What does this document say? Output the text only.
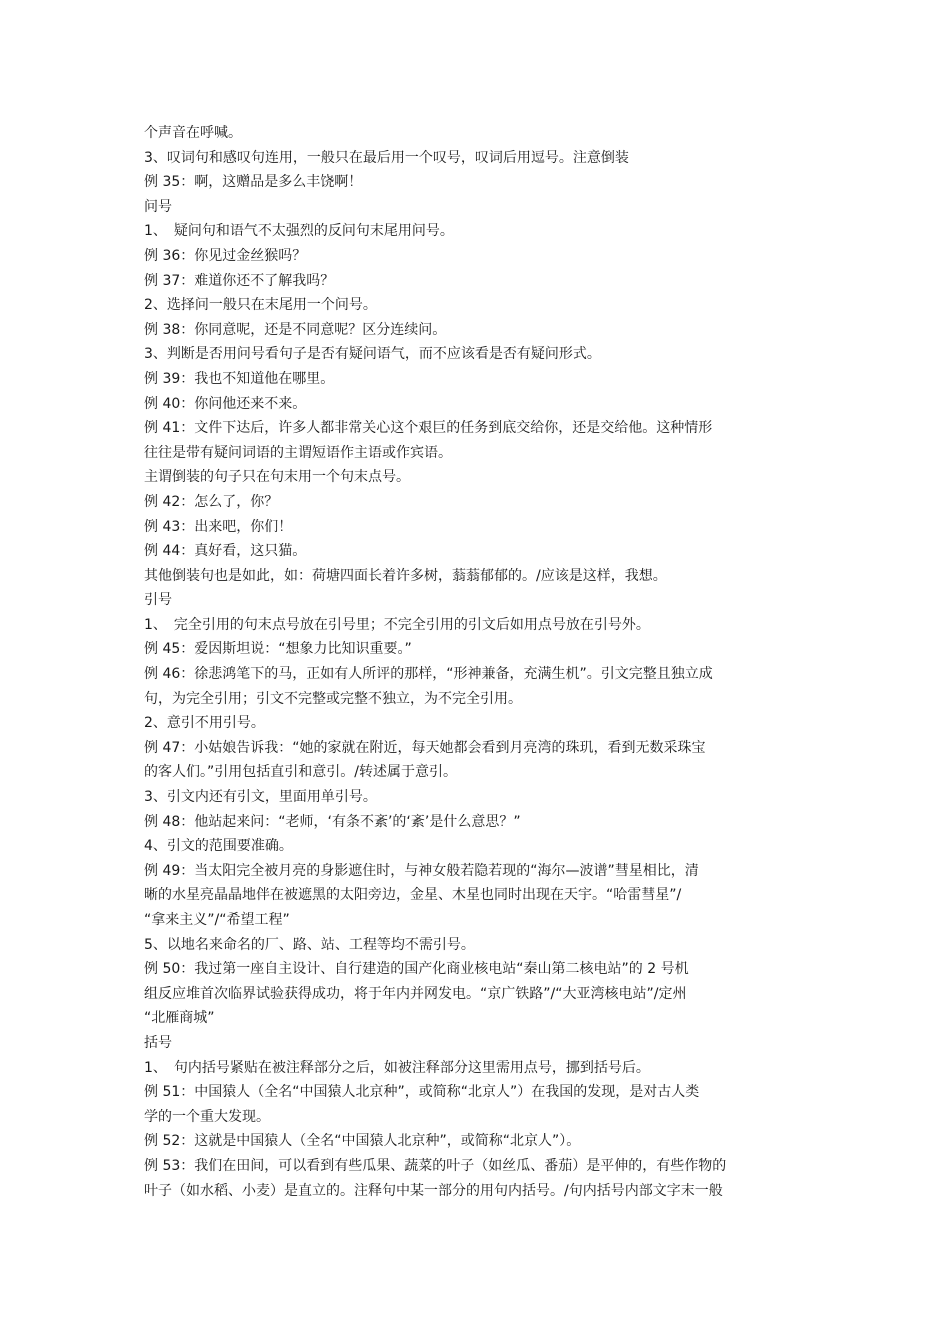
个声音在呼喊。
3、叹词句和感叹句连用，一般只在最后用一个叹号，叹词后用逗号。注意倒装
例 35：啊，这赠品是多么丰饶啊！
问号
1、　疑问句和语气不太强烈的反问句末尾用问号。
例 36：你见过金丝猴吗？
例 37：难道你还不了解我吗？
2、选择问一般只在末尾用一个问号。
例 38：你同意呢，还是不同意呢？区分连续问。
3、判断是否用问号看句子是否有疑问语气，而不应该看是否有疑问形式。
例 39：我也不知道他在哪里。
例 40：你问他还来不来。
例 41：文件下达后，许多人都非常关心这个艰巨的任务到底交给你，还是交给他。这种情形
往往是带有疑问词语的主谓短语作主语或作宾语。
主谓倒装的句子只在句末用一个句末点号。
例 42：怎么了，你？
例 43：出来吧，你们！
例 44：真好看，这只猫。
其他倒装句也是如此，如：荷塘四面长着许多树，蓊蓊郁郁的。/应该是这样，我想。
引号
1、　完全引用的句末点号放在引号里；不完全引用的引文后如用点号放在引号外。
例 45：爱因斯坦说：“想象力比知识重要。”
例 46：徐悲鸿笔下的马，正如有人所评的那样，“形神兼备，充满生机”。引文完整且独立成
句，为完全引用；引文不完整或完整不独立，为不完全引用。
2、意引不用引号。
例 47：小姑娘告诉我：“她的家就在附近，每天她都会看到月亮湾的珠玑，看到无数采珠宝
的客人们。”引用包括直引和意引。/转述属于意引。
3、引文内还有引文，里面用单引号。
例 48：他站起来问：“老师，‘有条不紊’的‘紊’是什么意思？”
4、引文的范围要准确。
例 49：当太阳完全被月亮的身影遮住时，与神女般若隐若现的“海尔—波谱”彗星相比，清
晰的水星亮晶晶地伴在被遮黑的太阳旁边，金星、木星也同时出现在天宇。“哈雷彗星”/
“拿来主义”/“希望工程”
5、以地名来命名的厂、路、站、工程等均不需引号。
例 50：我过第一座自主设计、自行建造的国产化商业核电站“秦山第二核电站”的 2 号机
组反应堆首次临界试验获得成功，将于年内并网发电。“京广铁路”/“大亚湾核电站”/定州
“北雁商城”
括号
1、　句内括号紧贴在被注释部分之后，如被注释部分这里需用点号，挪到括号后。
例 51：中国猿人（全名“中国猿人北京种”，或简称“北京人”）在我国的发现，是对古人类
学的一个重大发现。
例 52：这就是中国猿人（全名“中国猿人北京种”，或简称“北京人”）。
例 53：我们在田间，可以看到有些瓜果、蔬菜的叶子（如丝瓜、番茄）是平伸的，有些作物的
叶子（如水稻、小麦）是直立的。注释句中某一部分的用句内括号。/句内括号内部文字末一般
